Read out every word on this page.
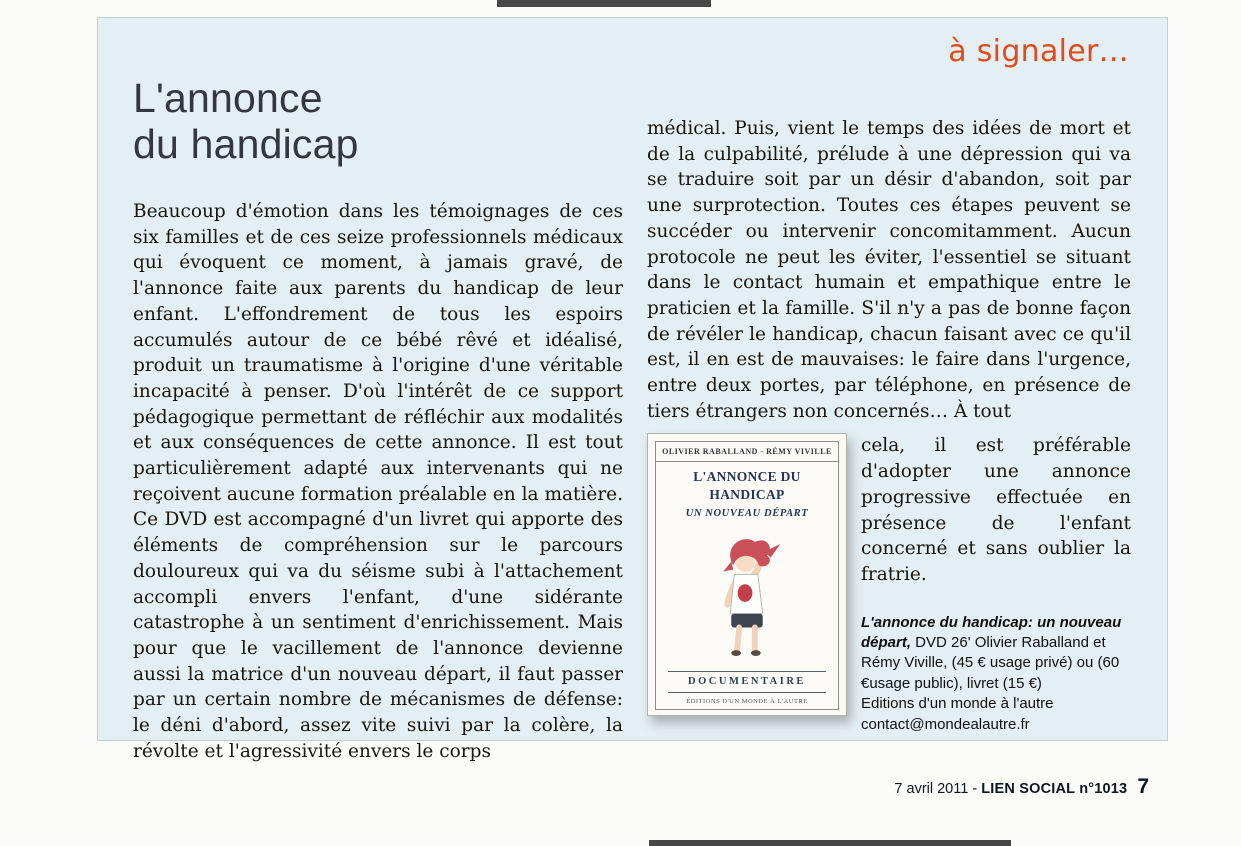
à signaler…
L'annonce
du handicap
Beaucoup d'émotion dans les témoignages de ces six familles et de ces seize professionnels médicaux qui évoquent ce moment, à jamais gravé, de l'annonce faite aux parents du handicap de leur enfant. L'effondrement de tous les espoirs accumulés autour de ce bébé rêvé et idéalisé, produit un traumatisme à l'origine d'une véritable incapacité à penser. D'où l'intérêt de ce support pédagogique permettant de réfléchir aux modalités et aux conséquences de cette annonce. Il est tout particulièrement adapté aux intervenants qui ne reçoivent aucune formation préalable en la matière. Ce DVD est accompagné d'un livret qui apporte des éléments de compréhension sur le parcours douloureux qui va du séisme subi à l'attachement accompli envers l'enfant, d'une sidérante catastrophe à un sentiment d'enrichissement. Mais pour que le vacillement de l'annonce devienne aussi la matrice d'un nouveau départ, il faut passer par un certain nombre de mécanismes de défense: le déni d'abord, assez vite suivi par la colère, la révolte et l'agressivité envers le corps
médical. Puis, vient le temps des idées de mort et de la culpabilité, prélude à une dépression qui va se traduire soit par un désir d'abandon, soit par une surprotection. Toutes ces étapes peuvent se succéder ou intervenir concomitamment. Aucun protocole ne peut les éviter, l'essentiel se situant dans le contact humain et empathique entre le praticien et la famille. S'il n'y a pas de bonne façon de révéler le handicap, chacun faisant avec ce qu'il est, il en est de mauvaises: le faire dans l'urgence, entre deux portes, par téléphone, en présence de tiers étrangers non concernés… À tout
OLIVIER RABALLAND - RÉMY VIVILLE
L'ANNONCE DU HANDICAP
UN NOUVEAU DÉPART
DOCUMENTAIRE
ÉDITIONS D'UN MONDE À L'AUTRE
cela, il est préférable d'adopter une annonce progressive effectuée en présence de l'enfant concerné et sans oublier la fratrie.
L'annonce du handicap: un nouveau départ, DVD 26' Olivier Raballand et Rémy Viville, (45 € usage privé) ou (60 €usage public), livret (15 €)
Editions d'un monde à l'autre
contact@mondealautre.fr
7 avril 2011 - LIEN SOCIAL n°1013 7
